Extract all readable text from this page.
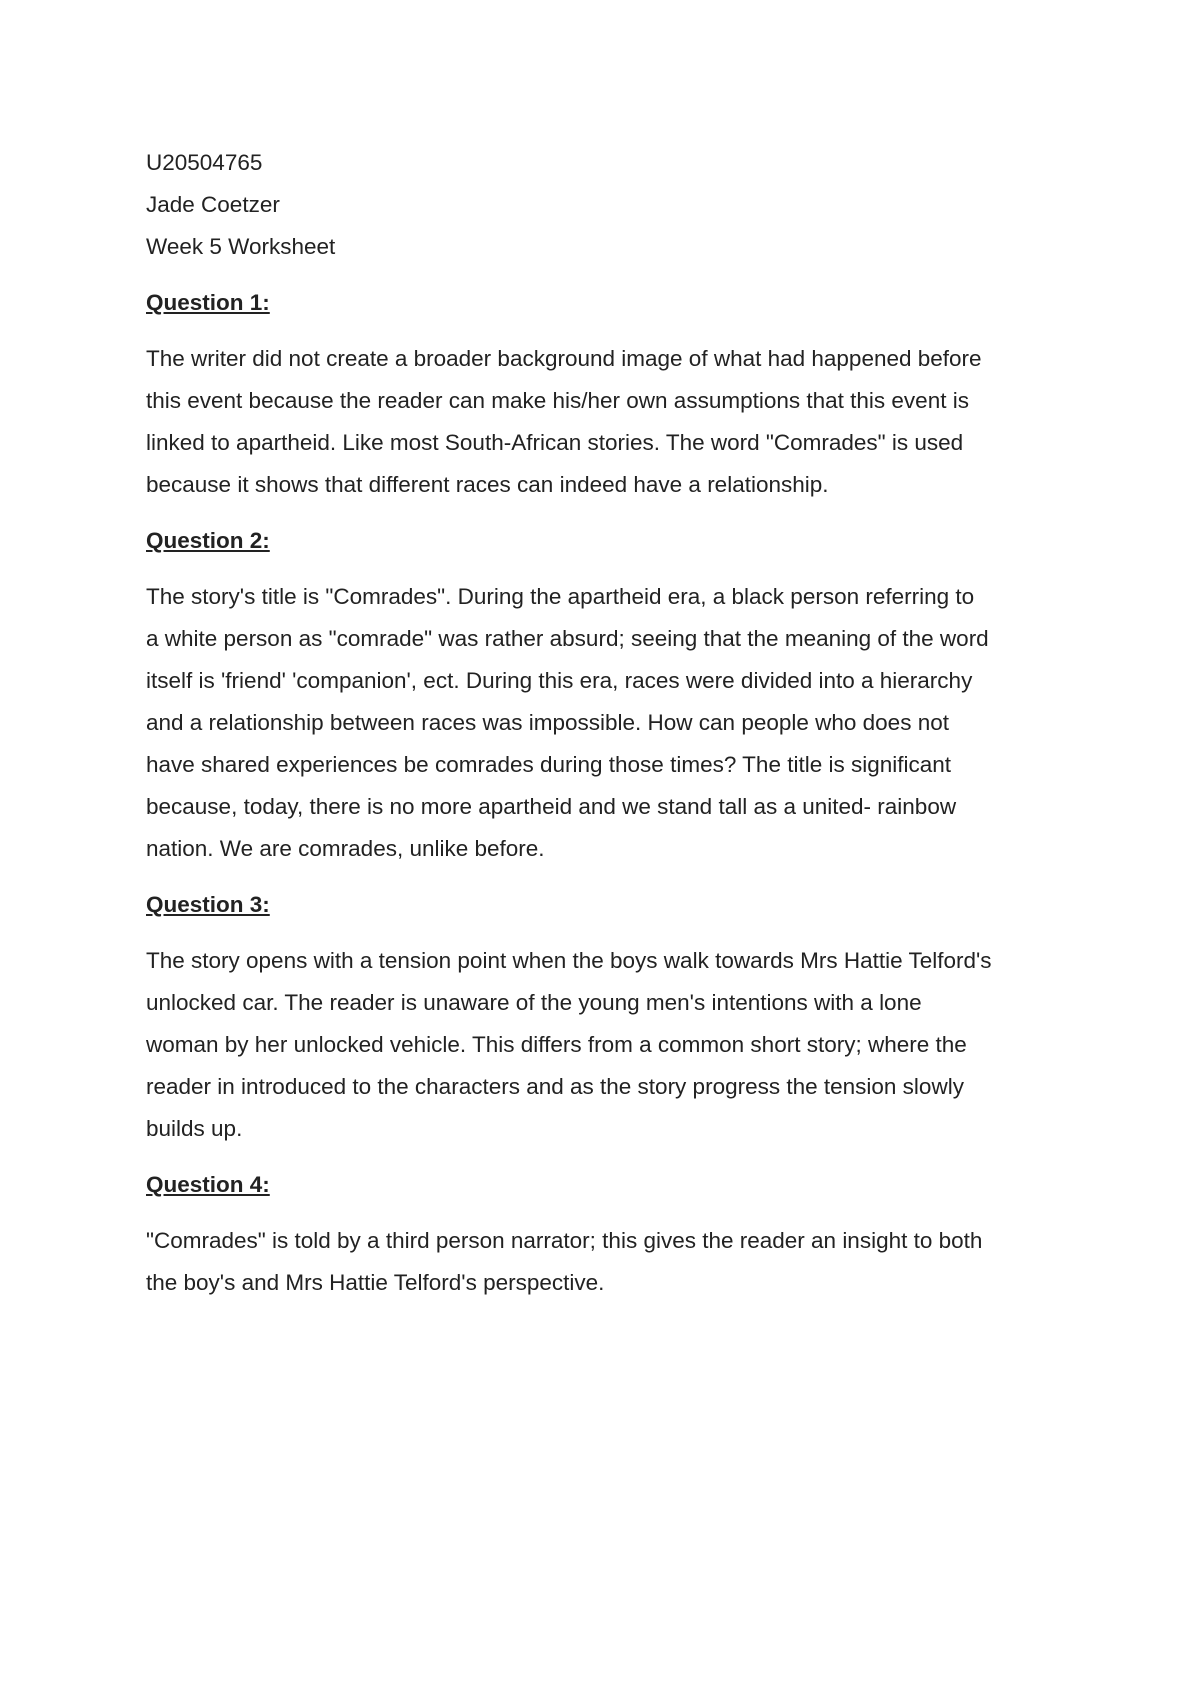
U20504765

Jade Coetzer

Week 5 Worksheet

Question 1:

The writer did not create a broader background image of what had happened before
this event because the reader can make his/her own assumptions that this event is
linked to apartheid. Like most South-African stories. The word "Comrades" is used
because it shows that different races can indeed have a relationship.

Question 2:

The story's title is "Comrades". During the apartheid era, a black person referring to
a white person as "comrade" was rather absurd; seeing that the meaning of the word
itself is 'friend' 'companion', ect. During this era, races were divided into a hierarchy
and a relationship between races was impossible. How can people who does not
have shared experiences be comrades during those times? The title is significant
because, today, there is no more apartheid and we stand tall as a united- rainbow
nation. We are comrades, unlike before.

Question 3:

The story opens with a tension point when the boys walk towards Mrs Hattie Telford's
unlocked car. The reader is unaware of the young men's intentions with a lone
woman by her unlocked vehicle. This differs from a common short story; where the
reader in introduced to the characters and as the story progress the tension slowly
builds up.

Question 4:

"Comrades" is told by a third person narrator; this gives the reader an insight to both
the boy's and Mrs Hattie Telford's perspective.
